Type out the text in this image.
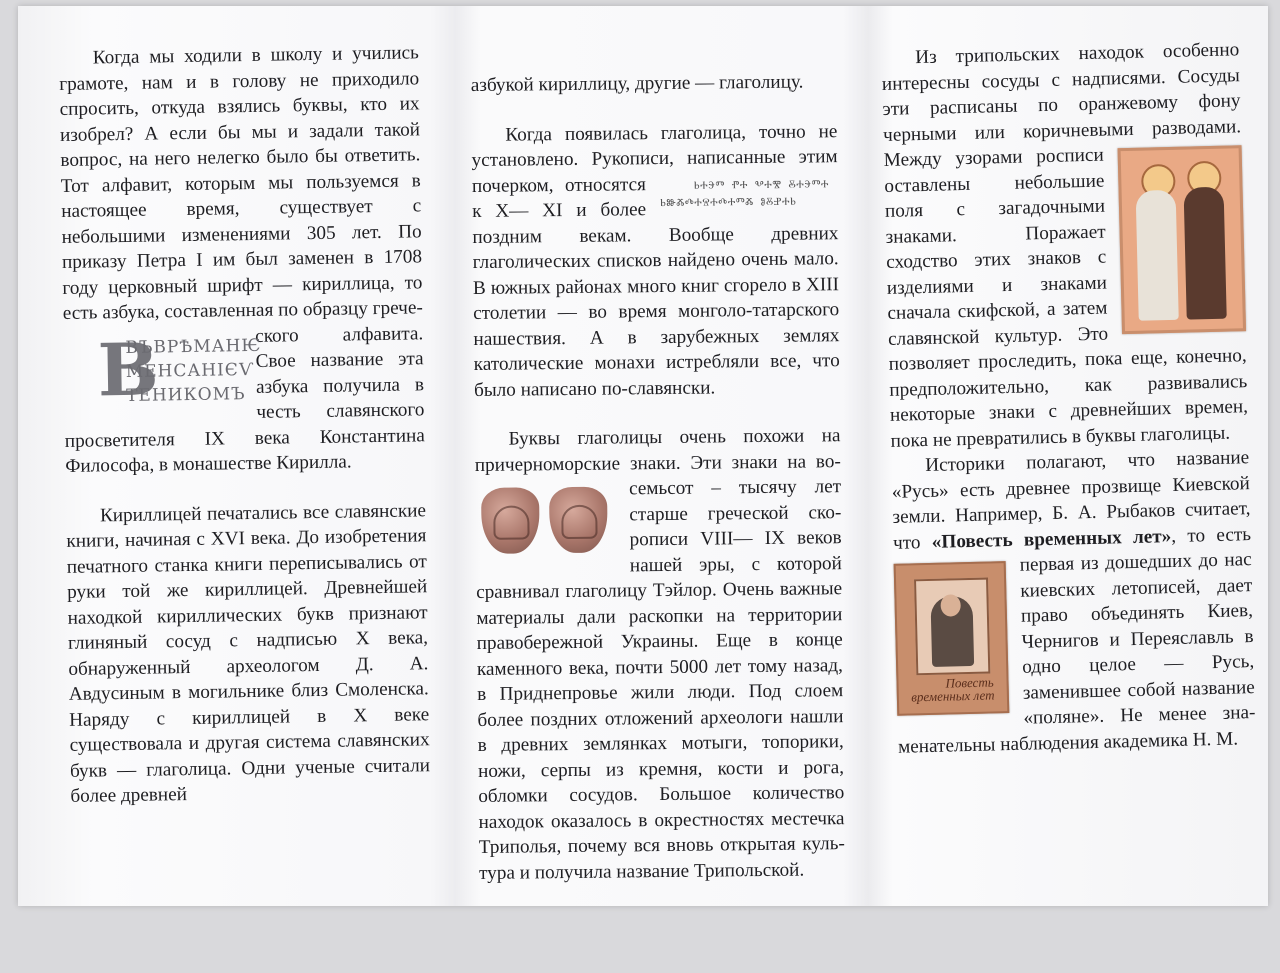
Когда мы ходили в школу и учились грамоте, нам и в голову не приходило спросить, откуда взялись буквы, кто их изобрел? А если бы мы и задали такой вопрос, на него нелегко было бы ответить. Тот алфавит, которым мы пользуемся в настоящее время, существует с небольшими изменениями 305 лет. По приказу Петра I им был заменен в 1708 году церковный шрифт — кириллица, то есть азбука, составленная по об
В
ВЪВРѢМАНѤ
МЕНСАНIЄѴ
ТЕНИКОМЪ
разцу греческого алфавита. Свое название эта азбука получила в честь славянского просветителя IX века Константина Философа, в монашестве Кирилла.

Кириллицей печатались все славянские книги, начиная с XVI века. До изобретения печатного станка книги переписывались от руки той же кириллицей. Древнейшей находкой кириллических букв признают глиняный сосуд с надписью X века, обнаруженный археологом Д. А. Авдусиным в могильнике близ Смоленска. Наряду с кириллицей в X веке существовала и другая система славянских букв — глаголица. Одни ученые считали более древней

азбукой кириллицу, другие — глаголицу.

Когда появилась глаголица, точно не установлено. Рукописи, написанные этим почерком, отно	ⰓⰀⰅⰕ ⰒⰀ ⰂⰀⰊ ⰋⰀⰅⰕⰀ
ⰓⰖⰆⰄⰀⰔⰀⰄⰀⰕⰆ ⰑⰋⰐⰀⰓ
сятся к X— XI и более поздним векам. Вообще древних глаголических списков найдено очень мало. В южных районах много книг сгорело в XIII столетии — во время монголо-татарского нашествия. А в зарубежных землях католические монахи истребляли все, что было написано по-славянски.

Буквы глаголицы очень похожи на причерноморские знаки. Эти знаки на во
семьсот – тысячу лет старше греческой скорописи VIII— IX веков нашей эры, с которой сравнивал глаголицу Тэйлор. Очень важные материалы дали раскопки на территории правобережной Украины. Еще в конце каменного века, почти 5000 лет тому назад, в Приднепровье жили люди. Под слоем более поздних отложений археологи нашли в древних землянках мотыги, топорики, ножи, серпы из кремня, кости и рога, обломки сосудов. Большое количество находок оказалось в окрестностях местечка Триполья, почему вся вновь открытая культура и получила название Трипольской.

Из трипольских находок особенно интересны сосуды с надписями. Сосуды эти расписаны по оранжевому фону черными или коричневыми разводами.
Между узорами росписи оставлены небольшие поля с загадочными знаками. Поражает сходство этих знаков с изделиями и знаками сначала скифской, а затем славянской культур. Это позволяет проследить, пока еще, конечно, предположительно, как развивались некоторые знаки с древнейших времен, пока не превратились в буквы глаголицы.

Историки полагают, что название «Русь» есть древнее прозвище Киевской земли. Например, Б. А. Рыбаков считает, что «Повесть временных лет», то есть первая из дошедших до
Повесть временных лет
нас киевских летописей, дает право объединять Киев, Чернигов и Переяславль в одно целое — Русь, заменившее собой название «поляне». Не менее знаменательны наблюдения академика Н. М.
